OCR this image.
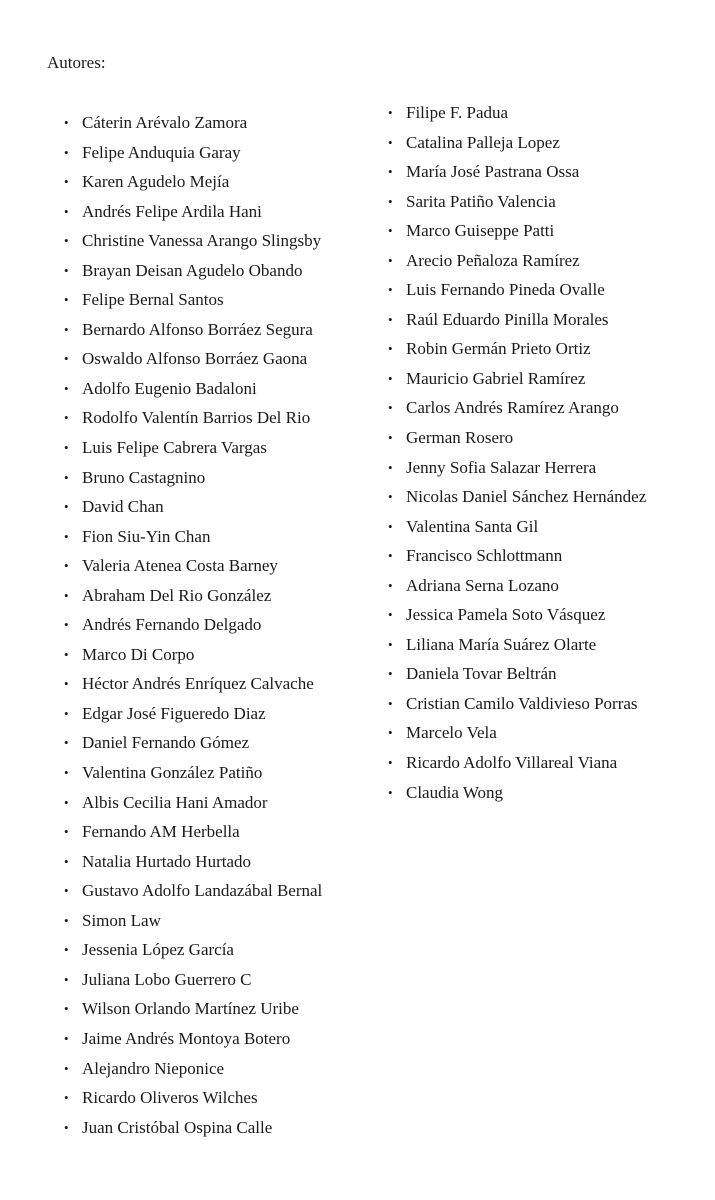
Autores:
• Cáterin Arévalo Zamora
• Felipe Anduquia Garay
• Karen Agudelo Mejía
• Andrés Felipe Ardila Hani
• Christine Vanessa Arango Slingsby
• Brayan Deisan Agudelo Obando
• Felipe Bernal Santos
• Bernardo Alfonso Borráez Segura
• Oswaldo Alfonso Borráez Gaona
• Adolfo Eugenio Badaloni
• Rodolfo Valentín Barrios Del Rio
• Luis Felipe Cabrera Vargas
• Bruno Castagnino
• David Chan
• Fion Siu-Yin Chan
• Valeria Atenea Costa Barney
• Abraham Del Rio González
• Andrés Fernando Delgado
• Marco Di Corpo
• Héctor Andrés Enríquez Calvache
• Edgar José Figueredo Diaz
• Daniel Fernando Gómez
• Valentina González Patiño
• Albis Cecilia Hani Amador
• Fernando AM Herbella
• Natalia Hurtado Hurtado
• Gustavo Adolfo Landazábal Bernal
• Simon Law
• Jessenia López García
• Juliana Lobo Guerrero C
• Wilson Orlando Martínez Uribe
• Jaime Andrés Montoya Botero
• Alejandro Nieponice
• Ricardo Oliveros Wilches
• Juan Cristóbal Ospina Calle
• Filipe F. Padua
• Catalina Palleja Lopez
• María José Pastrana Ossa
• Sarita Patiño Valencia
• Marco Guiseppe Patti
• Arecio Peñaloza Ramírez
• Luis Fernando Pineda Ovalle
• Raúl Eduardo Pinilla Morales
• Robin Germán Prieto Ortiz
• Mauricio Gabriel Ramírez
• Carlos Andrés Ramírez Arango
• German Rosero
• Jenny Sofia Salazar Herrera
• Nicolas Daniel Sánchez Hernández
• Valentina Santa Gil
• Francisco Schlottmann
• Adriana Serna Lozano
• Jessica Pamela Soto Vásquez
• Liliana María Suárez Olarte
• Daniela Tovar Beltrán
• Cristian Camilo Valdivieso Porras
• Marcelo Vela
• Ricardo Adolfo Villareal Viana
• Claudia Wong
